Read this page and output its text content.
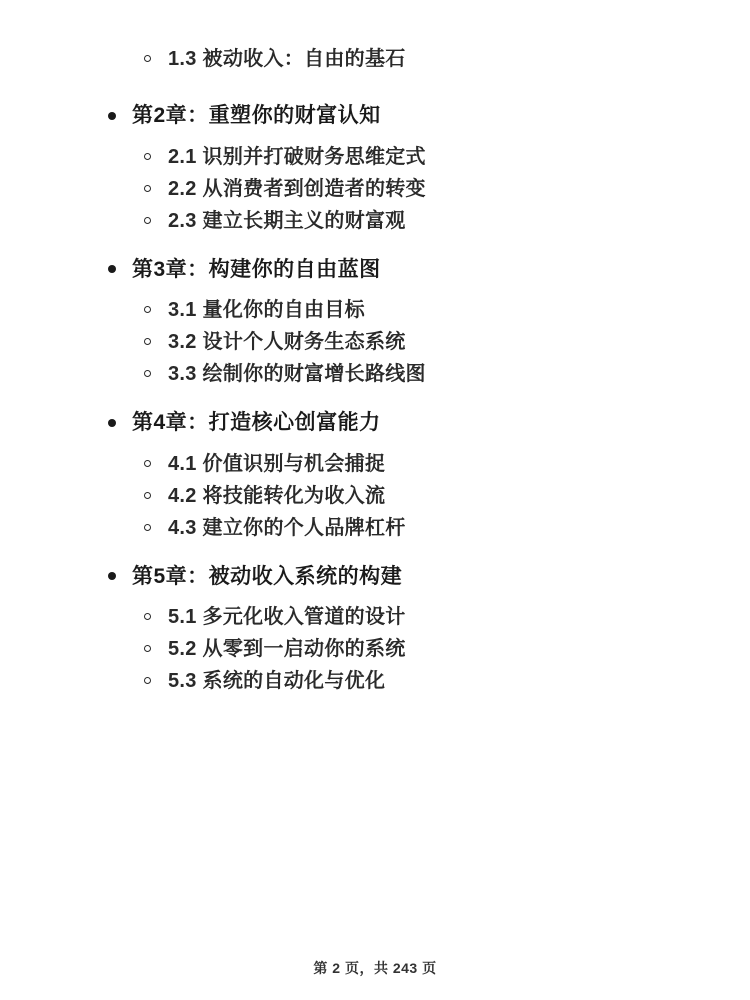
1.3 被动收入：自由的基石
第2章：重塑你的财富认知
2.1 识别并打破财务思维定式
2.2 从消费者到创造者的转变
2.3 建立长期主义的财富观
第3章：构建你的自由蓝图
3.1 量化你的自由目标
3.2 设计个人财务生态系统
3.3 绘制你的财富增长路线图
第4章：打造核心创富能力
4.1 价值识别与机会捕捉
4.2 将技能转化为收入流
4.3 建立你的个人品牌杠杆
第5章：被动收入系统的构建
5.1 多元化收入管道的设计
5.2 从零到一启动你的系统
5.3 系统的自动化与优化
第 2 页，共 243 页
